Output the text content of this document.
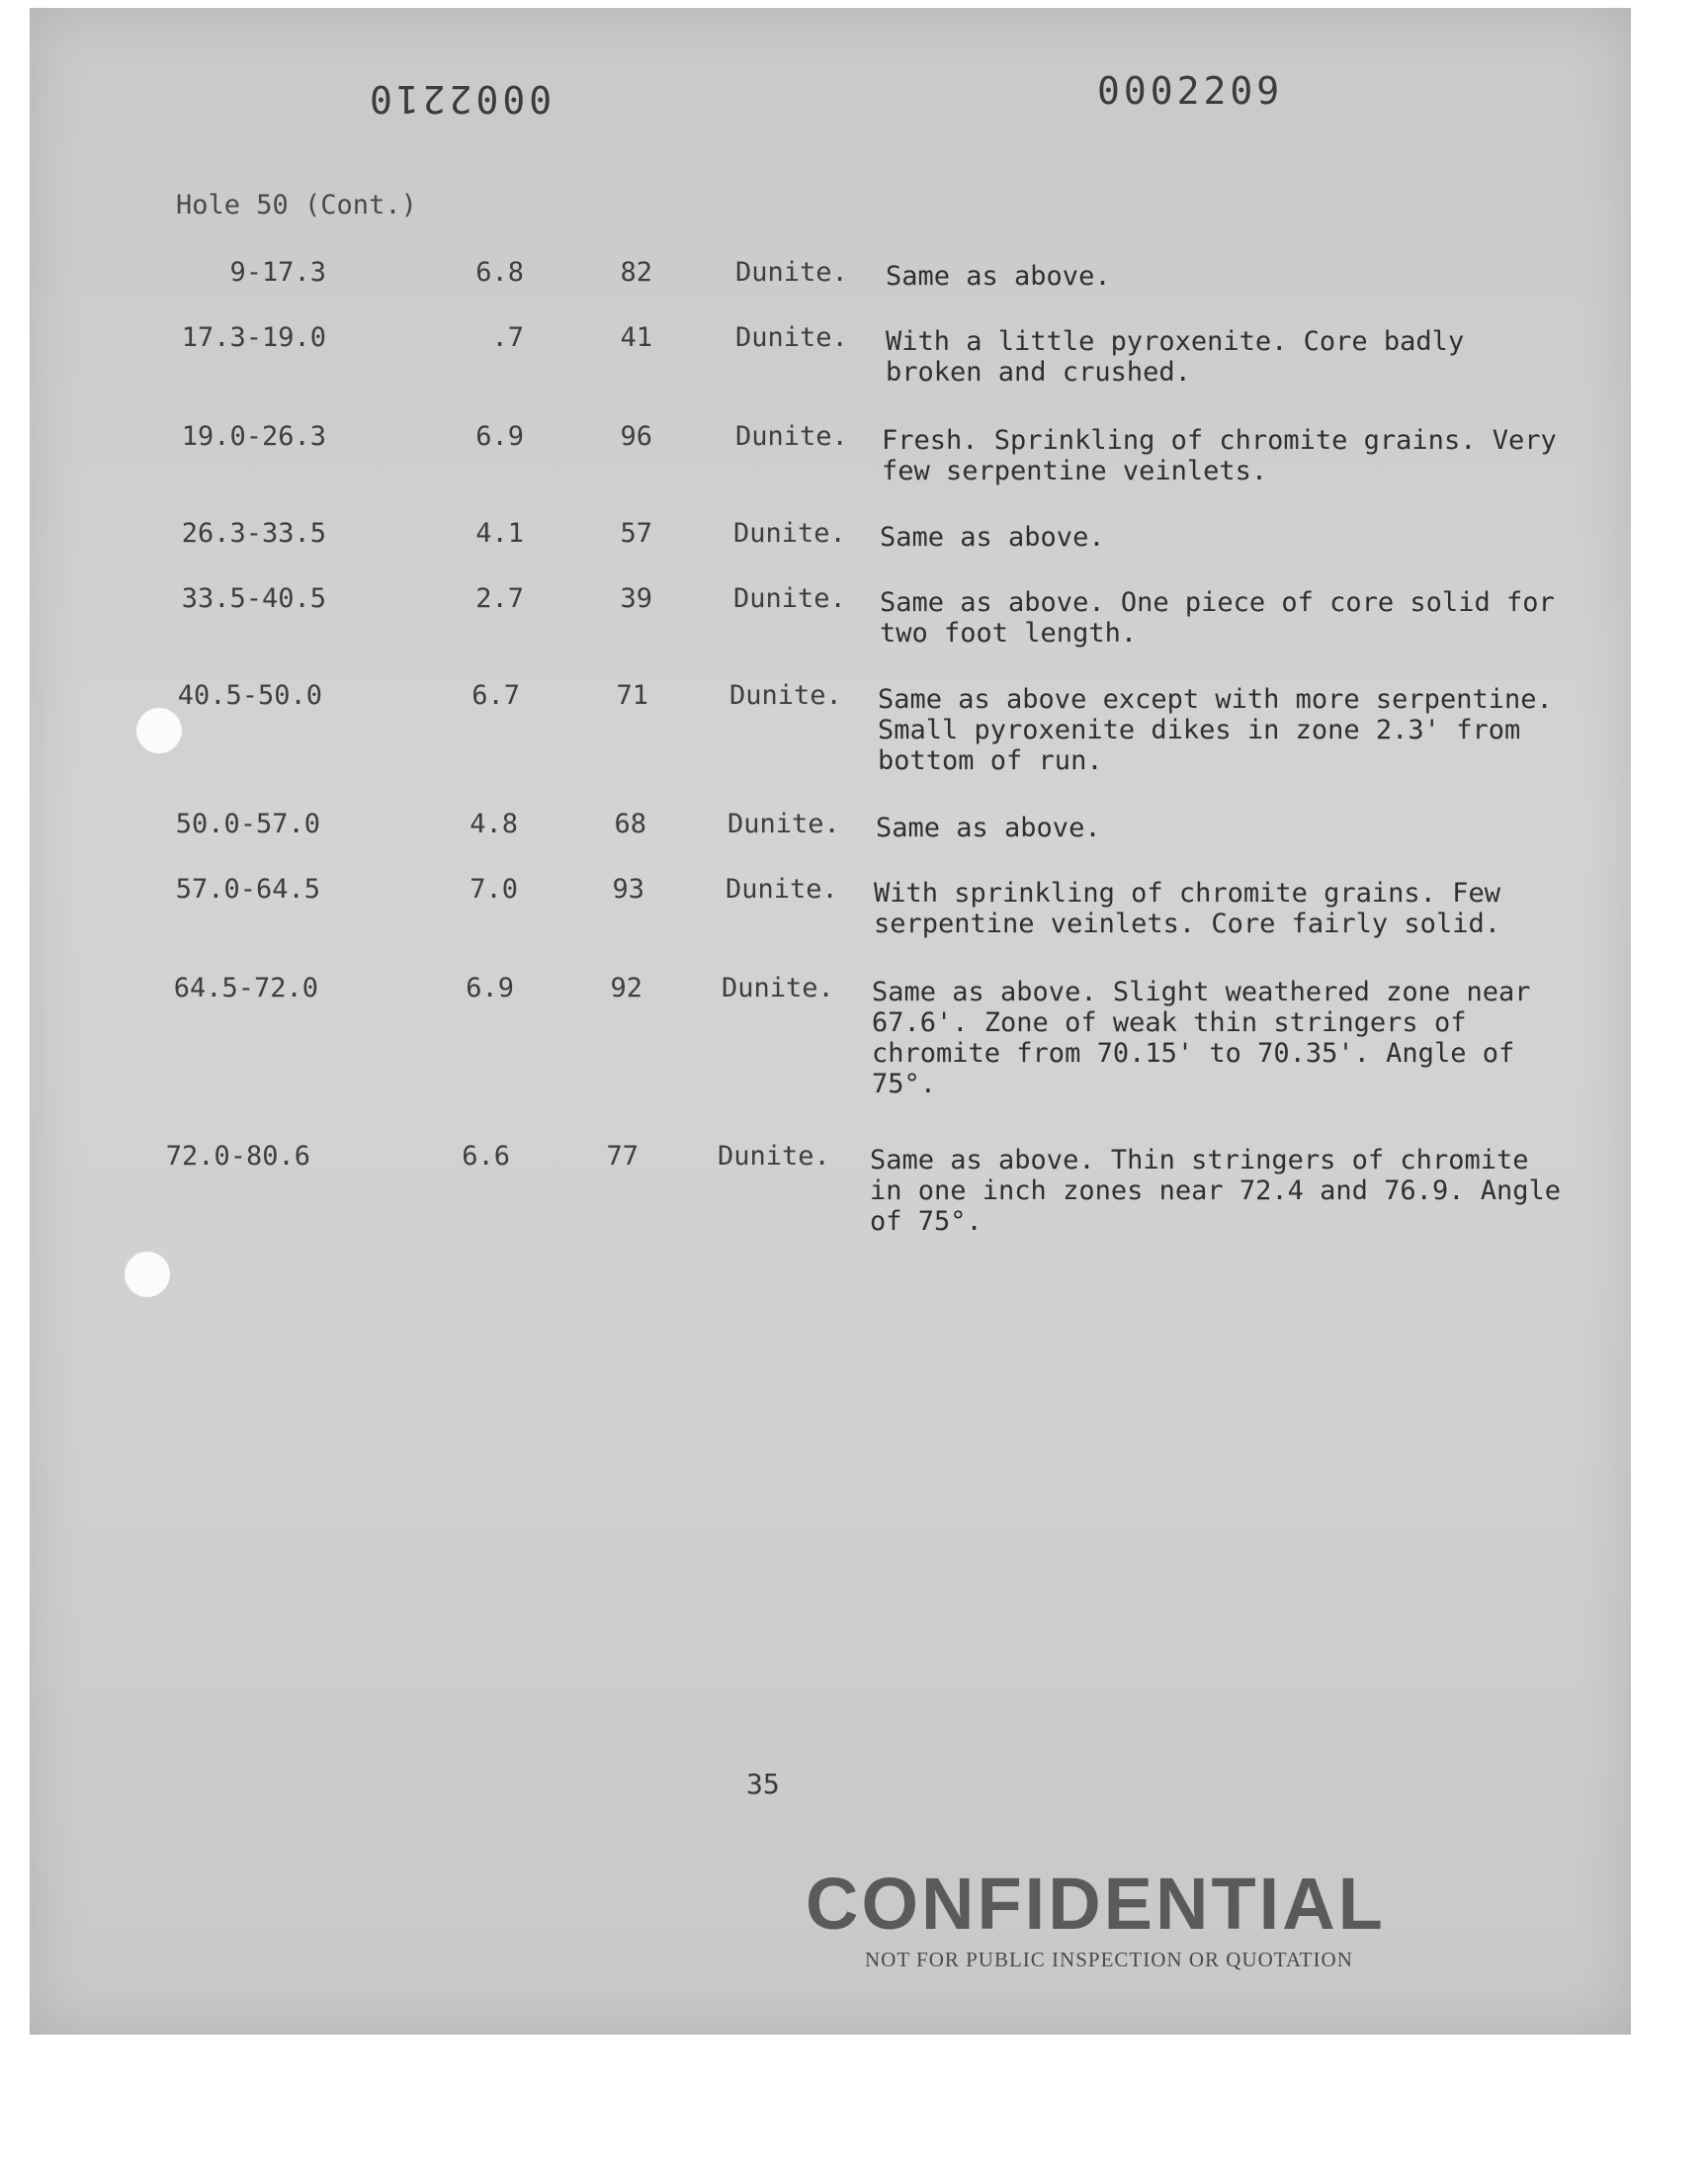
0002210	0002209
Hole 50 (Cont.)
9-17.3	6.8	82	Dunite.	Same as above.
17.3-19.0	.7	41	Dunite.	With a little pyroxenite. Core badly
broken and crushed.
19.0-26.3	6.9	96	Dunite.	Fresh. Sprinkling of chromite grains. Very
few serpentine veinlets.
26.3-33.5	4.1	57	Dunite.	Same as above.
33.5-40.5	2.7	39	Dunite.	Same as above. One piece of core solid for
two foot length.
40.5-50.0	6.7	71	Dunite.	Same as above except with more serpentine.
Small pyroxenite dikes in zone 2.3' from
bottom of run.
50.0-57.0	4.8	68	Dunite.	Same as above.
57.0-64.5	7.0	93	Dunite.	With sprinkling of chromite grains. Few
serpentine veinlets. Core fairly solid.
64.5-72.0	6.9	92	Dunite.	Same as above. Slight weathered zone near
67.6'. Zone of weak thin stringers of
chromite from 70.15' to 70.35'. Angle of
75°.
72.0-80.6	6.6	77	Dunite.	Same as above. Thin stringers of chromite
in one inch zones near 72.4 and 76.9. Angle
of 75°.
35
CONFIDENTIAL
NOT FOR PUBLIC INSPECTION OR QUOTATION
